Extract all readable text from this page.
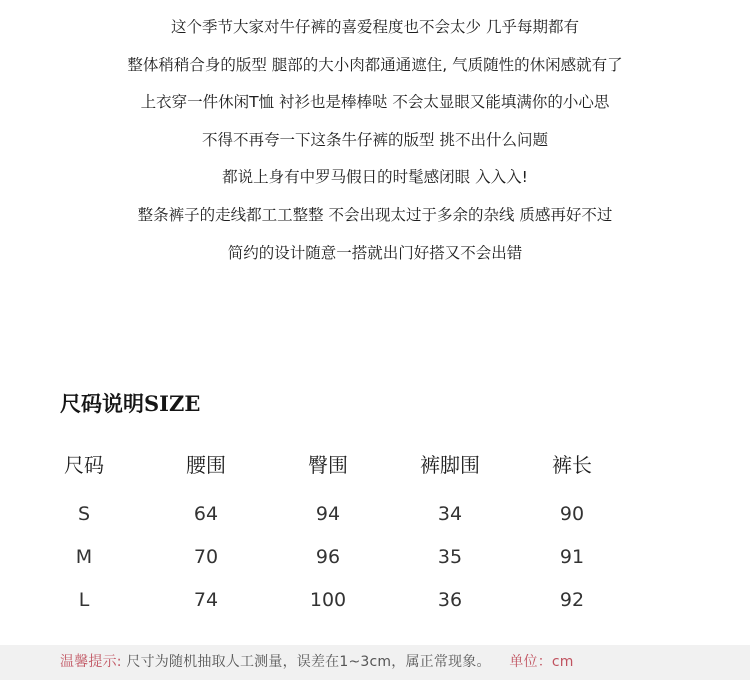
这个季节大家对牛仔裤的喜爱程度也不会太少 几乎每期都有
整体稍稍合身的版型 腿部的大小肉都通通遮住, 气质随性的休闲感就有了
上衣穿一件休闲T恤 衬衫也是棒棒哒 不会太显眼又能填满你的小心思
不得不再夸一下这条牛仔裤的版型 挑不出什么问题
都说上身有中罗马假日的时髦感闭眼 入入入!
整条裤子的走线都工工整整 不会出现太过于多余的杂线 质感再好不过
简约的设计随意一搭就出门好搭又不会出错
尺码说明SIZE
尺码	腰围	臀围	裤脚围	裤长
S	64	94	34	90
M	70	96	35	91
L	74	100	36	92
温馨提示: 尺寸为随机抽取人工测量，误差在1~3cm，属正常现象。 单位：cm
